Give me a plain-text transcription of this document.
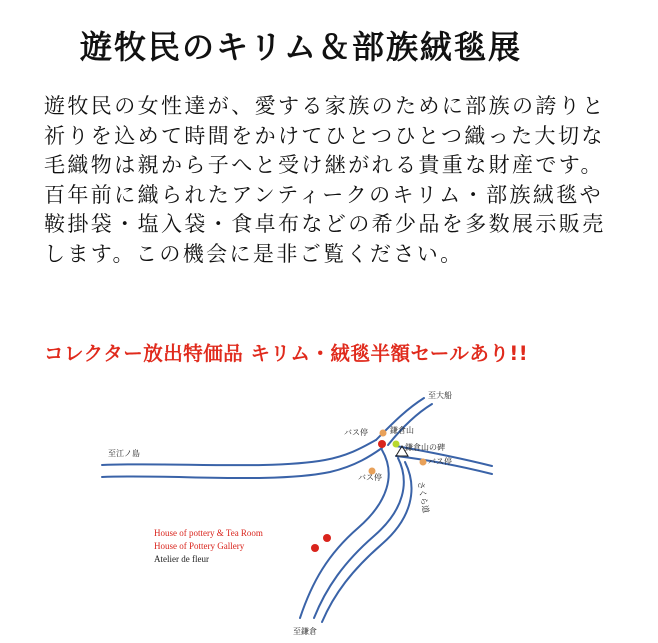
遊牧民のキリム＆部族絨毯展
遊牧民の女性達が、愛する家族のために部族の誇りと
祈りを込めて時間をかけてひとつひとつ織った大切な
毛織物は親から子へと受け継がれる貴重な財産です。
百年前に織られたアンティークのキリム・部族絨毯や
鞍掛袋・塩入袋・食卓布などの希少品を多数展示販売
します。この機会に是非ご覧ください。
コレクター放出特価品 キリム・絨毯半額セールあり!!
至大船
バス停	鎌倉山
鎌倉山の碑
バス停
バス停
至江ノ島
至鎌倉
さくら道
House of pottery & Tea Room
House of Pottery Gallery
Atelier de fleur
